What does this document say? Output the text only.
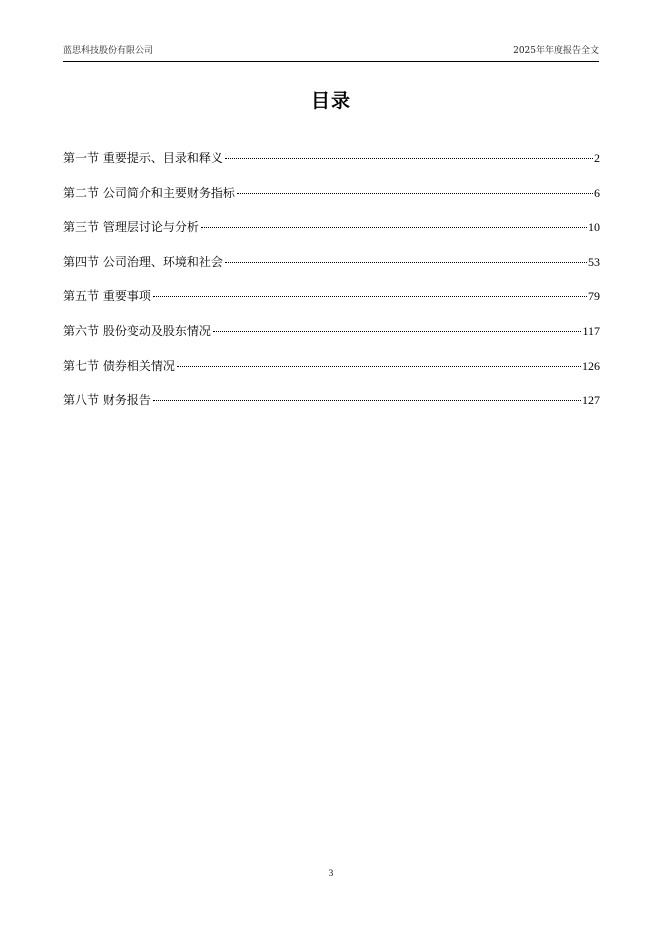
蓝思科技股份有限公司	2025年年度报告全文
目录
第一节 重要提示、目录和释义	2
第二节 公司简介和主要财务指标	6
第三节 管理层讨论与分析	10
第四节 公司治理、环境和社会	53
第五节 重要事项	79
第六节 股份变动及股东情况	117
第七节 债券相关情况	126
第八节 财务报告	127
3
